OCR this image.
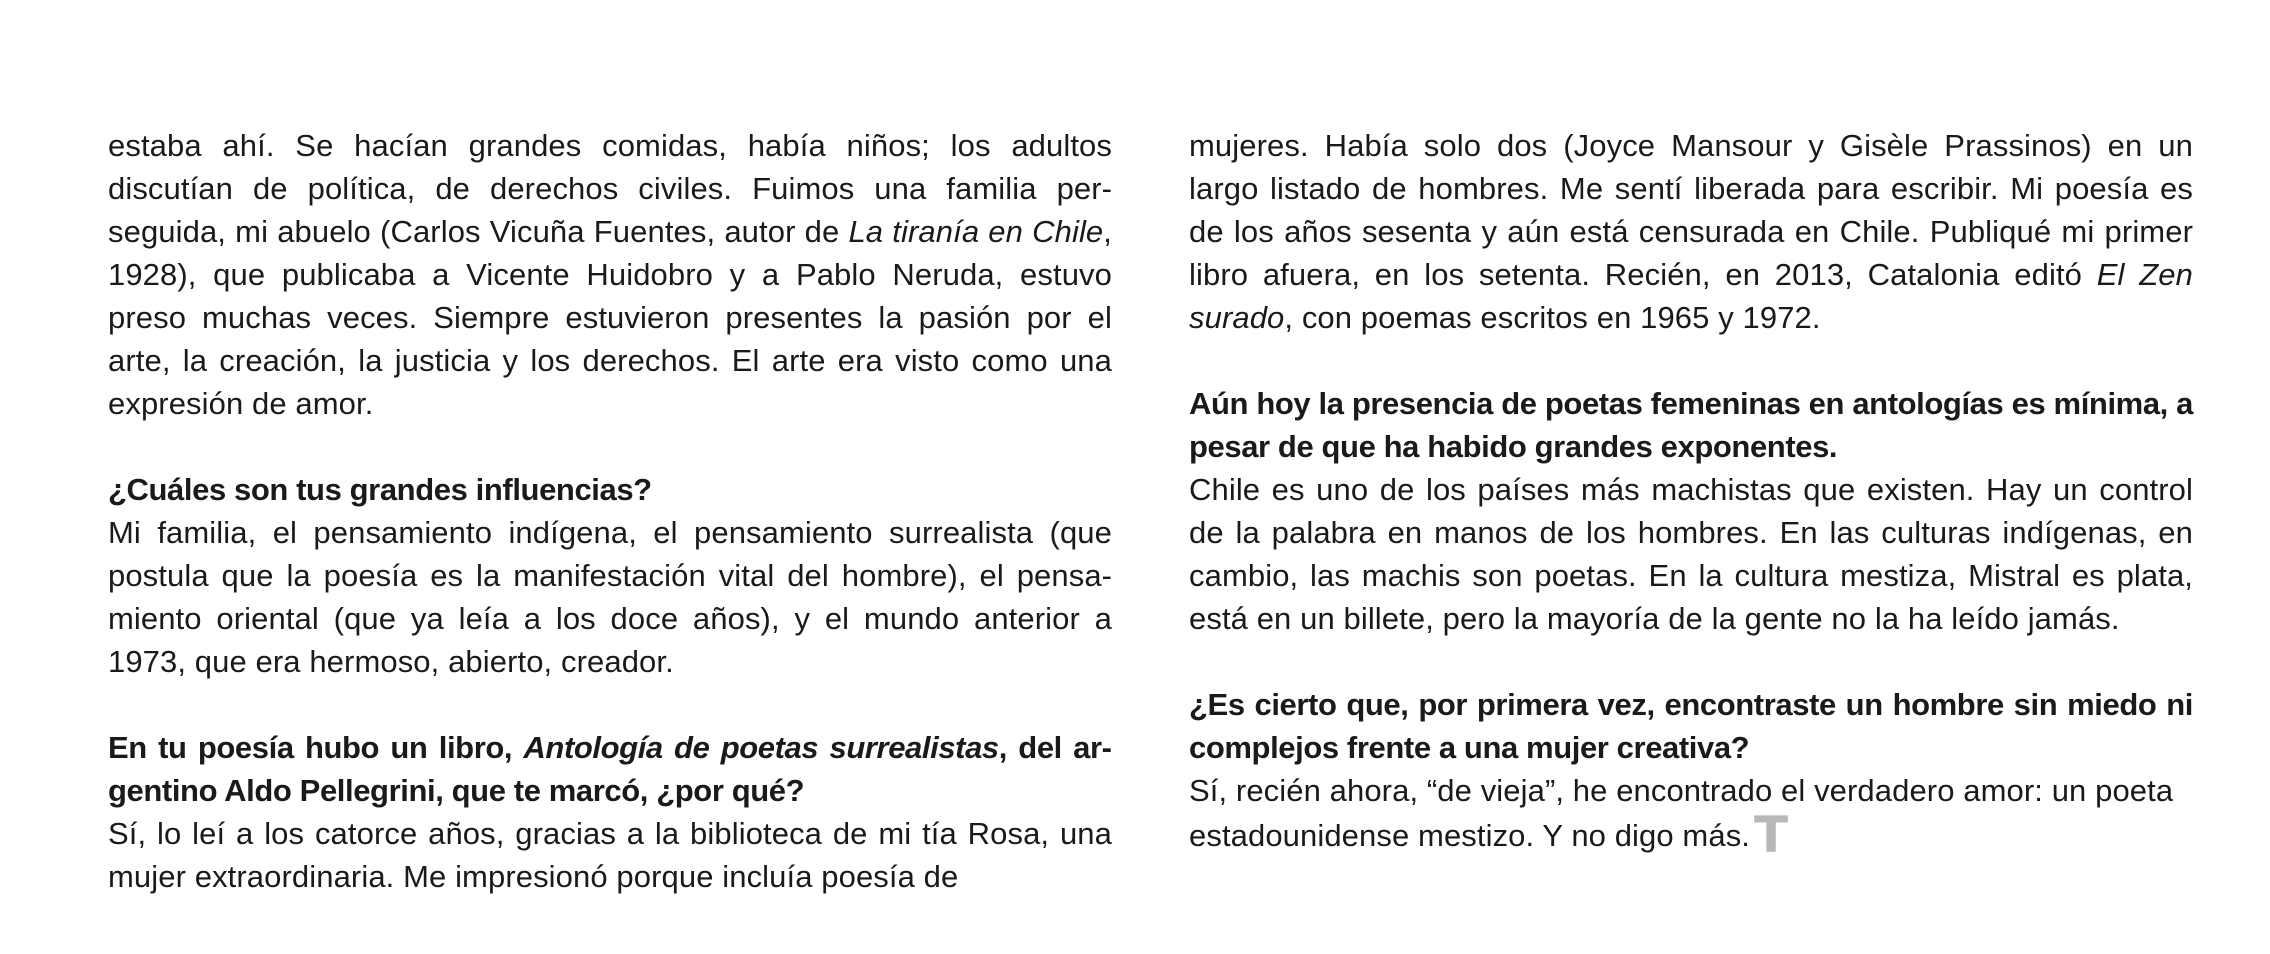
estaba ahí. Se hacían grandes comidas, había niños; los adultos discutían de política, de derechos civiles. Fuimos una familia perseguida, mi abuelo (Carlos Vicuña Fuentes, autor de La tiranía en Chile, 1928), que publicaba a Vicente Huidobro y a Pablo Neruda, estuvo preso muchas veces. Siempre estuvieron presentes la pasión por el arte, la creación, la justicia y los derechos. El arte era visto como una expresión de amor.

¿Cuáles son tus grandes influencias?

Mi familia, el pensamiento indígena, el pensamiento surrealista (que postula que la poesía es la manifestación vital del hombre), el pensamiento oriental (que ya leía a los doce años), y el mundo anterior a 1973, que era hermoso, abierto, creador.

En tu poesía hubo un libro, Antología de poetas surrealistas, del argentino Aldo Pellegrini, que te marcó, ¿por qué?

Sí, lo leí a los catorce años, gracias a la biblioteca de mi tía Rosa, una mujer extraordinaria. Me impresionó porque incluía poesía de

mujeres. Había solo dos (Joyce Mansour y Gisèle Prassinos) en un largo listado de hombres. Me sentí liberada para escribir. Mi poesía es de los años sesenta y aún está censurada en Chile. Publiqué mi primer libro afuera, en los setenta. Recién, en 2013, Catalonia editó El Zen surado, con poemas escritos en 1965 y 1972.

Aún hoy la presencia de poetas femeninas en antologías es mínima, a pesar de que ha habido grandes exponentes.

Chile es uno de los países más machistas que existen. Hay un control de la palabra en manos de los hombres. En las culturas indígenas, en cambio, las machis son poetas. En la cultura mestiza, Mistral es plata, está en un billete, pero la mayoría de la gente no la ha leído jamás.

¿Es cierto que, por primera vez, encontraste un hombre sin miedo ni complejos frente a una mujer creativa?

Sí, recién ahora, “de vieja”, he encontrado el verdadero amor: un poeta estadounidense mestizo. Y no digo más.T
